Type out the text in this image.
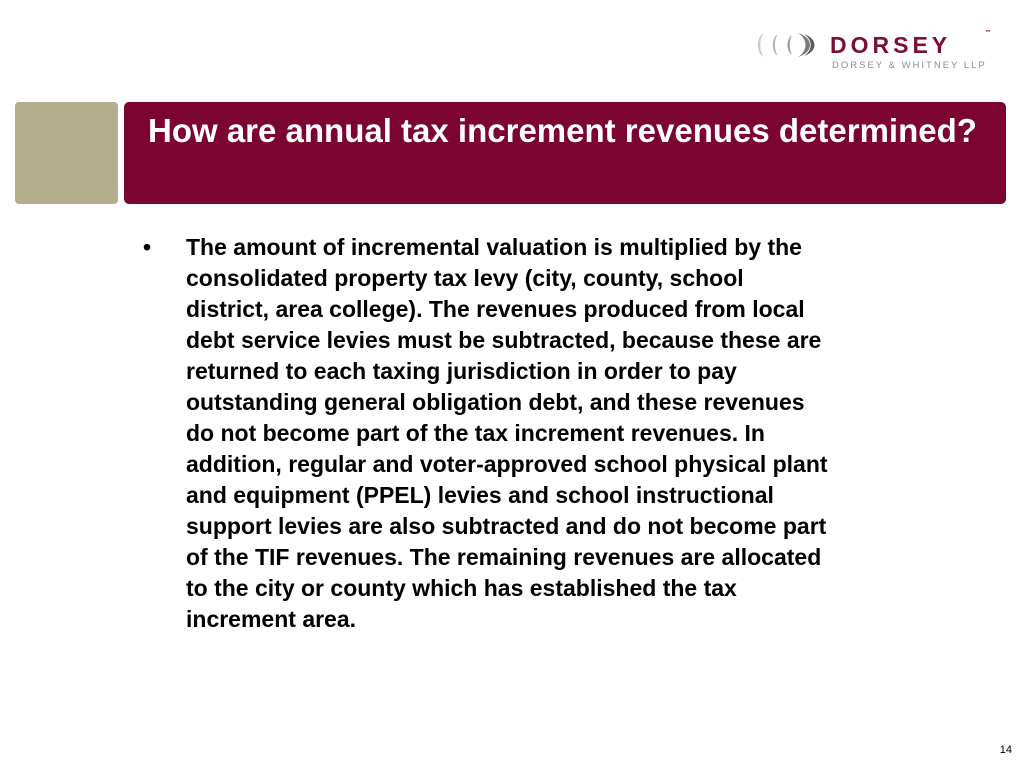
DORSEY	™
DORSEY & WHITNEY LLP
How are annual tax increment revenues determined?
•	The amount of incremental valuation is multiplied by the
consolidated property tax levy (city, county, school
district, area college). The revenues produced from local
debt service levies must be subtracted, because these are
returned to each taxing jurisdiction in order to pay
outstanding general obligation debt, and these revenues
do not become part of the tax increment revenues. In
addition, regular and voter-approved school physical plant
and equipment (PPEL) levies and school instructional
support levies are also subtracted and do not become part
of the TIF revenues. The remaining revenues are allocated
to the city or county which has established the tax
increment area.

14
